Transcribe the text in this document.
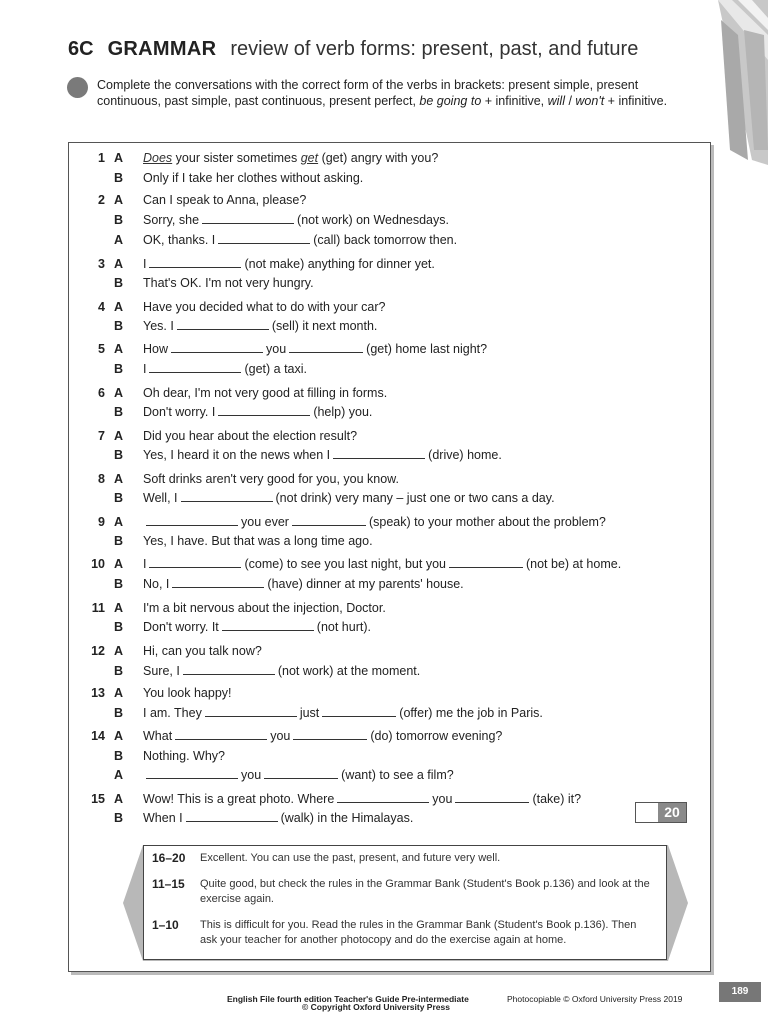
6C GRAMMAR review of verb forms: present, past, and future
Complete the conversations with the correct form of the verbs in brackets: present simple, present continuous, past simple, past continuous, present perfect, be going to + infinitive, will / won't + infinitive.
1 A Does your sister sometimes get (get) angry with you?
B Only if I take her clothes without asking.
2 A Can I speak to Anna, please?
B Sorry, she	(not work) on Wednesdays.
A OK, thanks. I	(call) back tomorrow then.
3 A I	(not make) anything for dinner yet.
B That's OK. I'm not very hungry.
4 A Have you decided what to do with your car?
B Yes. I	(sell) it next month.
5 A How	you	(get) home last night?
B I	(get) a taxi.
6 A Oh dear, I'm not very good at filling in forms.
B Don't worry. I	(help) you.
7 A Did you hear about the election result?
B Yes, I heard it on the news when I	(drive) home.
8 A Soft drinks aren't very good for you, you know.
B Well, I	(not drink) very many – just one or two cans a day.
9 A	you ever	(speak) to your mother about the problem?
B Yes, I have. But that was a long time ago.
10 A I	(come) to see you last night, but you	(not be) at home.
B No, I	(have) dinner at my parents' house.
11 A I'm a bit nervous about the injection, Doctor.
B Don't worry. It	(not hurt).
12 A Hi, can you talk now?
B Sure, I	(not work) at the moment.
13 A You look happy!
B I am. They	just	(offer) me the job in Paris.
14 A What	you	(do) tomorrow evening?
B Nothing. Why?
A	you	(want) to see a film?
15 A Wow! This is a great photo. Where	you	(take) it?
B When I	(walk) in the Himalayas.	20
16–20	Excellent. You can use the past, present, and future very well.
11–15	Quite good, but check the rules in the Grammar Bank (Student's Book p.136) and look at the exercise again.
1–10	This is difficult for you. Read the rules in the Grammar Bank (Student's Book p.136). Then ask your teacher for another photocopy and do the exercise again at home.
English File fourth edition Teacher's Guide Pre-intermediate	Photocopiable © Oxford University Press 2019
© Copyright Oxford University Press
189
